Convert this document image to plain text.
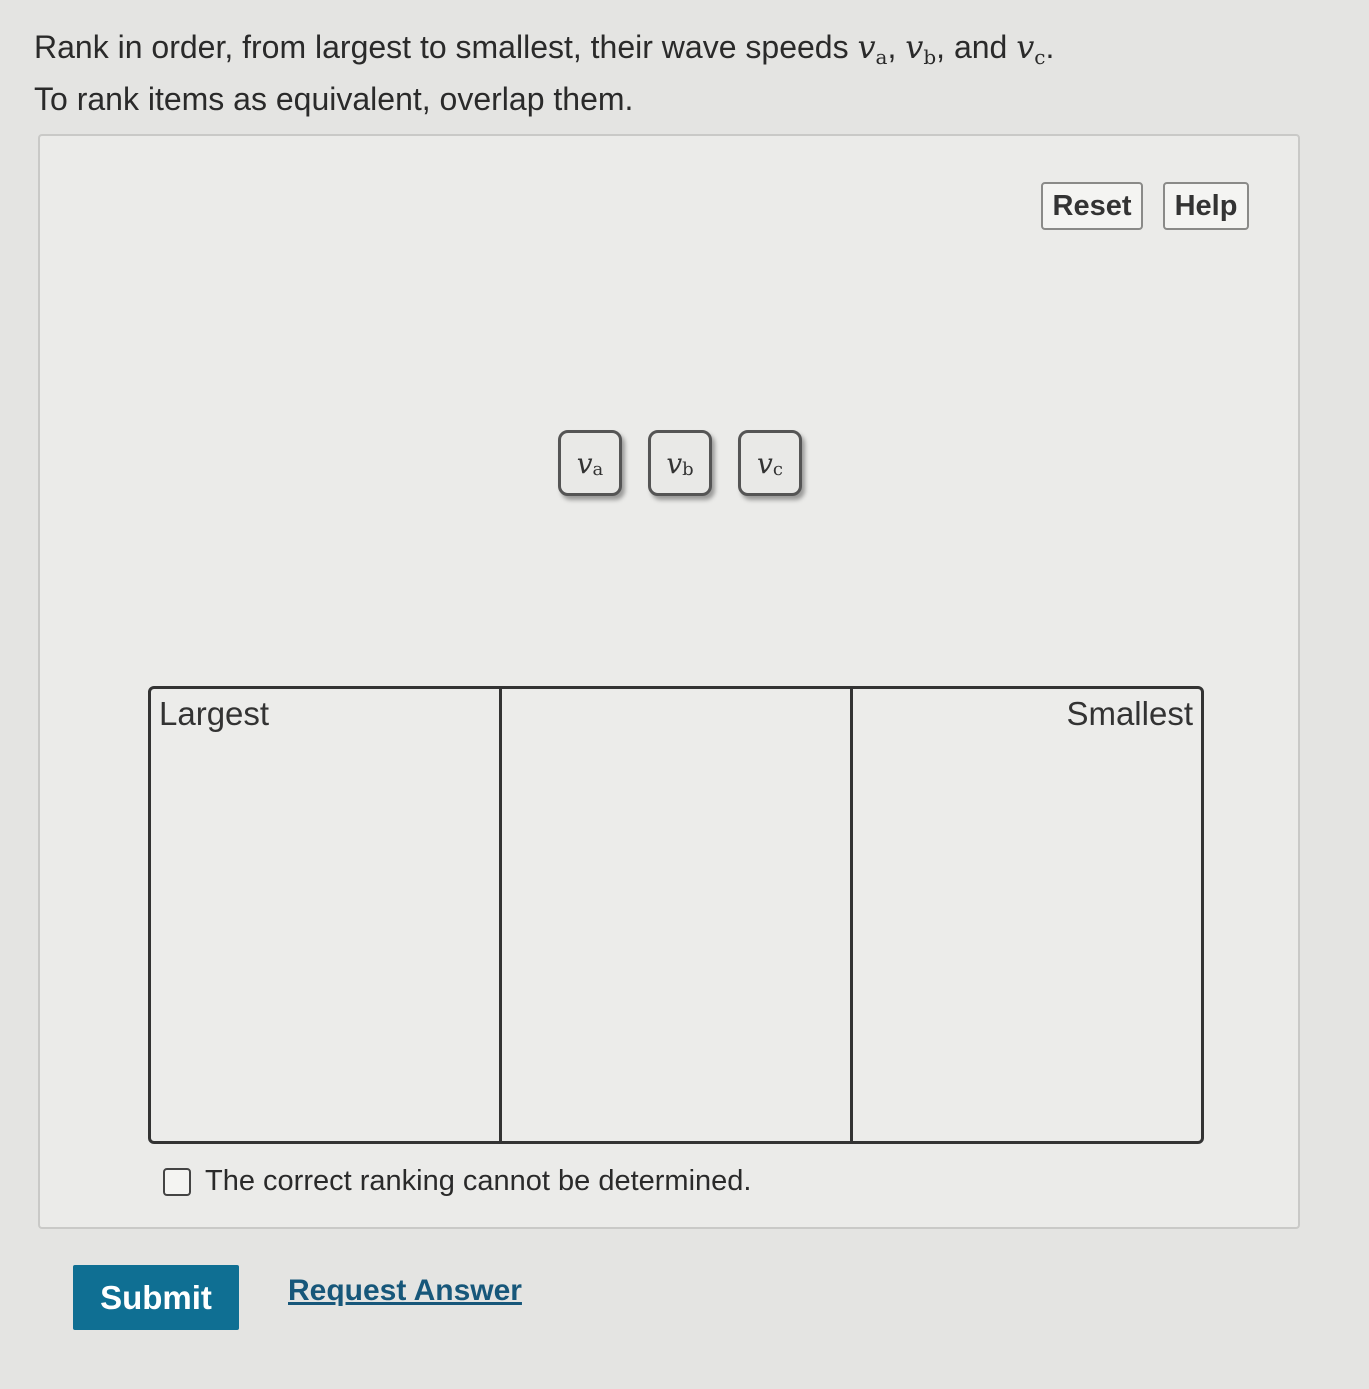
Rank in order, from largest to smallest, their wave speeds $v_a$, $v_b$, and $v_c$. To rank items as equivalent, overlap them.
Reset	Help
v a v b v c
Largest	Smallest
The correct ranking cannot be determined.
Submit	Request Answer
